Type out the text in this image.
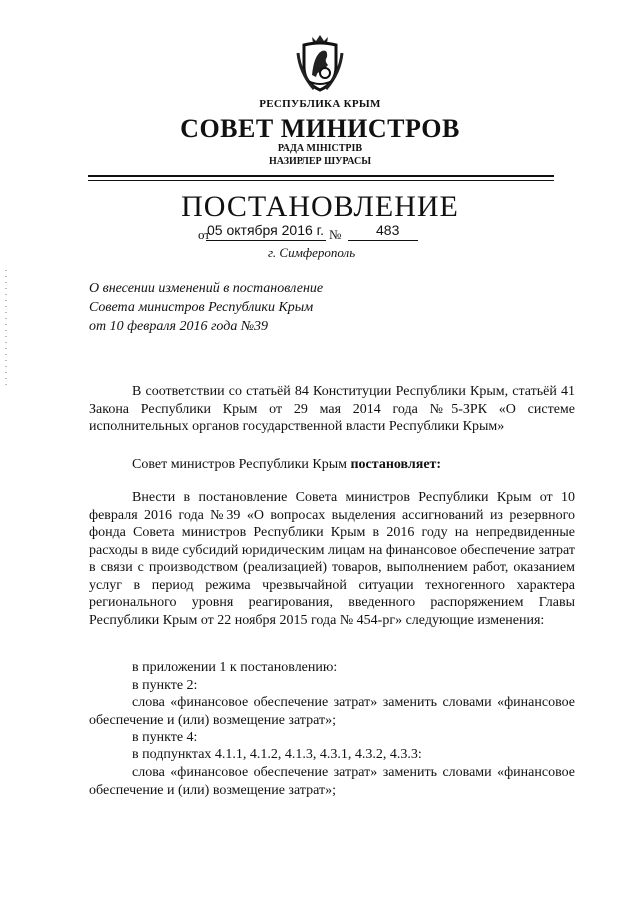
РЕСПУБЛИКА КРЫМ
СОВЕТ МИНИСТРОВ
РАДА МІНІСТРІВ
НАЗИРЛЕР ШУРАСЫ
ПОСТАНОВЛЕНИЕ
от
05 октября 2016 г. № 483
г. Симферополь
О внесении изменений в постановление
Совета министров Республики Крым
от 10 февраля 2016 года №39
В соответствии со статьёй 84 Конституции Республики Крым, статьёй 41 Закона Республики Крым от 29 мая 2014 года №5-ЗРК «О системе исполнительных органов государственной власти Республики Крым»
Совет министров Республики Крым постановляет:
Внести в постановление Совета министров Республики Крым от 10 февраля 2016 года №39 «О вопросах выделения ассигнований из резервного фонда Совета министров Республики Крым в 2016 году на непредвиденные расходы в виде субсидий юридическим лицам на финансовое обеспечение затрат в связи с производством (реализацией) товаров, выполнением работ, оказанием услуг в период режима чрезвычайной ситуации техногенного характера регионального уровня реагирования, введенного распоряжением Главы Республики Крым от 22 ноября 2015 года № 454-рг» следующие изменения:
в приложении 1 к постановлению:
в пункте 2:
слова «финансовое обеспечение затрат» заменить словами «финансовое обеспечение и (или) возмещение затрат»;
в пункте 4:
в подпунктах 4.1.1, 4.1.2, 4.1.3, 4.3.1, 4.3.2, 4.3.3:
слова «финансовое обеспечение затрат» заменить словами «финансовое обеспечение и (или) возмещение затрат»;
